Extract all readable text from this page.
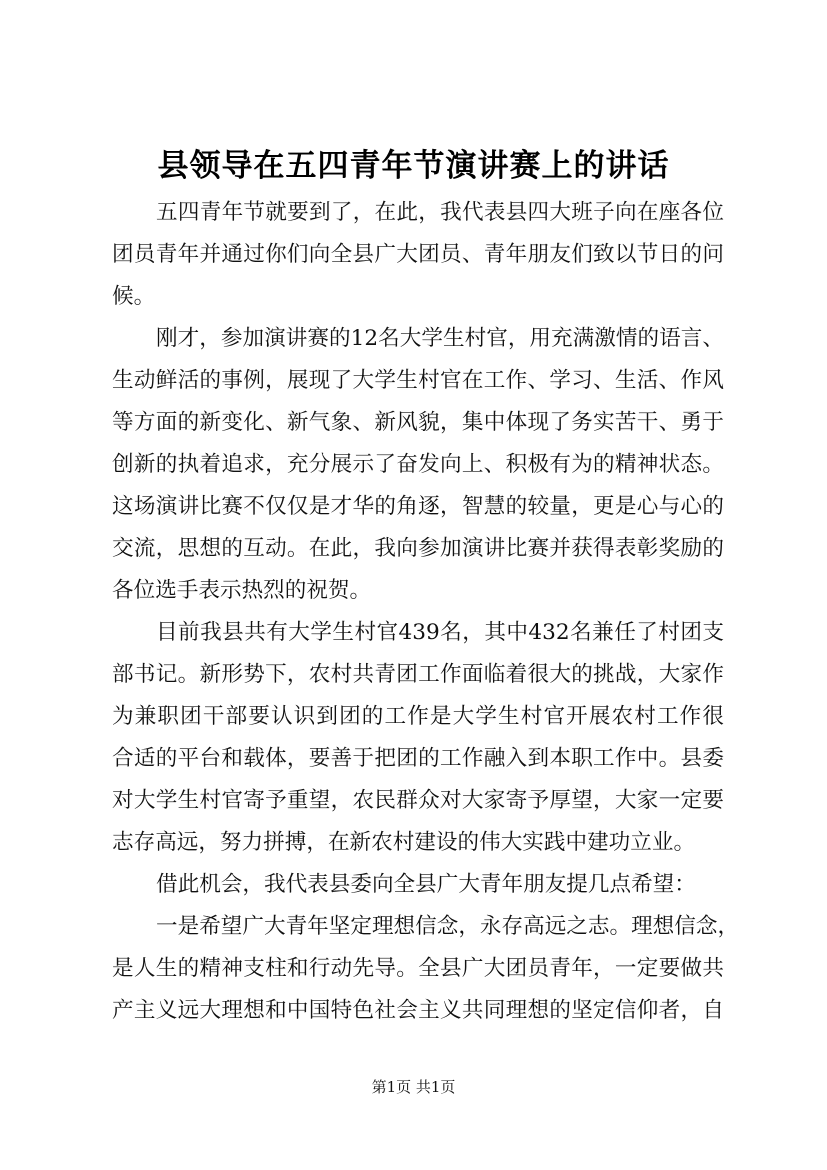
县领导在五四青年节演讲赛上的讲话
五四青年节就要到了，在此，我代表县四大班子向在座各位
团员青年并通过你们向全县广大团员、青年朋友们致以节日的问
候。
刚才，参加演讲赛的12名大学生村官，用充满激情的语言、
生动鲜活的事例，展现了大学生村官在工作、学习、生活、作风
等方面的新变化、新气象、新风貌，集中体现了务实苦干、勇于
创新的执着追求，充分展示了奋发向上、积极有为的精神状态。
这场演讲比赛不仅仅是才华的角逐，智慧的较量，更是心与心的
交流，思想的互动。在此，我向参加演讲比赛并获得表彰奖励的
各位选手表示热烈的祝贺。
目前我县共有大学生村官439名，其中432名兼任了村团支
部书记。新形势下，农村共青团工作面临着很大的挑战，大家作
为兼职团干部要认识到团的工作是大学生村官开展农村工作很
合适的平台和载体，要善于把团的工作融入到本职工作中。县委
对大学生村官寄予重望，农民群众对大家寄予厚望，大家一定要
志存高远，努力拼搏，在新农村建设的伟大实践中建功立业。
借此机会，我代表县委向全县广大青年朋友提几点希望：
一是希望广大青年坚定理想信念，永存高远之志。理想信念，
是人生的精神支柱和行动先导。全县广大团员青年，一定要做共
产主义远大理想和中国特色社会主义共同理想的坚定信仰者，自
第1页 共1页
